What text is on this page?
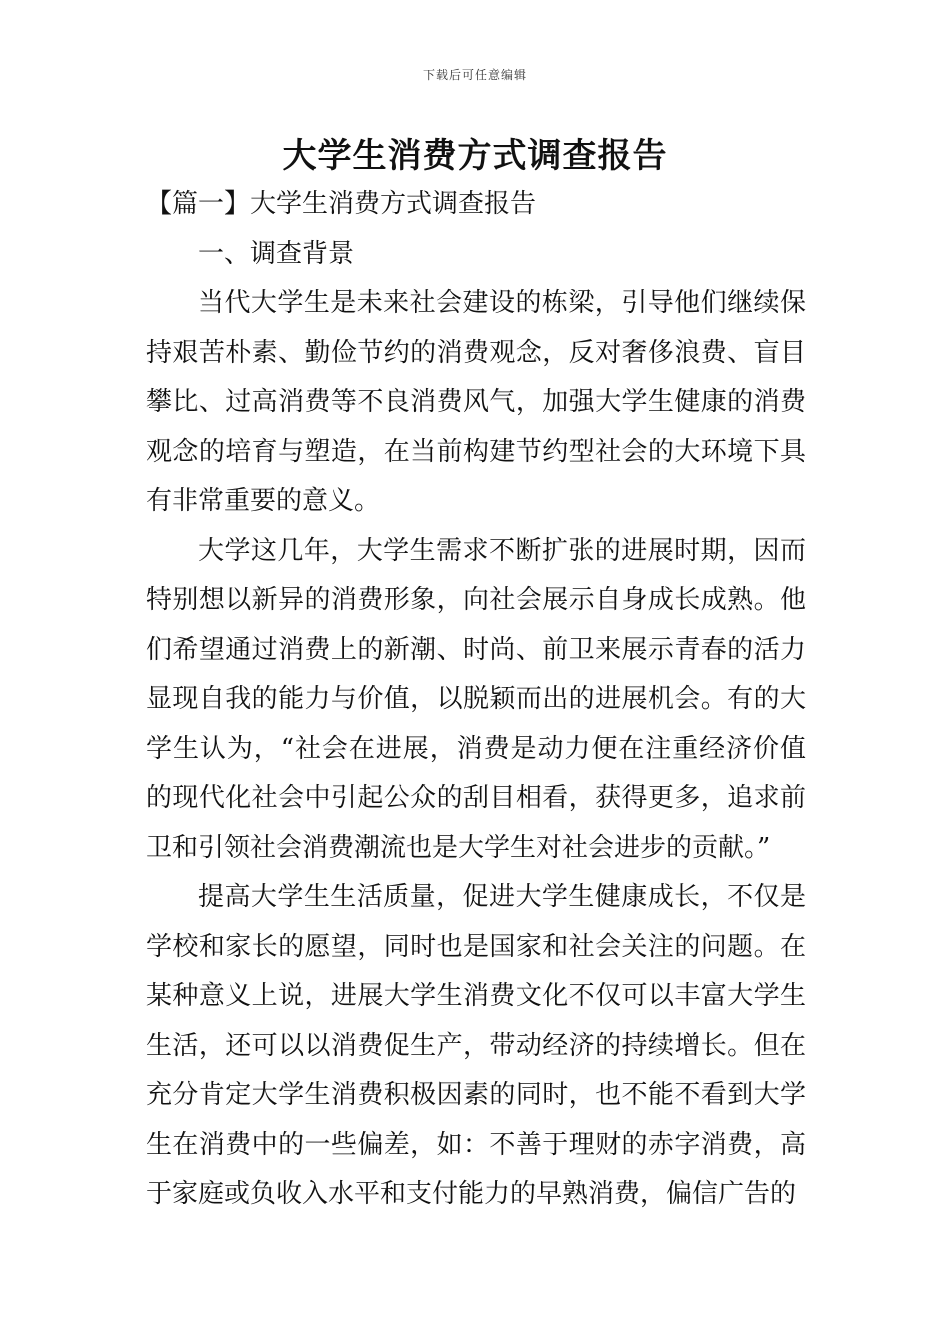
下载后可任意编辑
大学生消费方式调查报告

【篇一】大学生消费方式调查报告

一、调查背景

当代大学生是未来社会建设的栋梁，引导他们继续保持艰苦朴素、勤俭节约的消费观念，反对奢侈浪费、盲目攀比、过高消费等不良消费风气，加强大学生健康的消费观念的培育与塑造，在当前构建节约型社会的大环境下具有非常重要的意义。

大学这几年，大学生需求不断扩张的进展时期，因而特别想以新异的消费形象，向社会展示自身成长成熟。他们希望通过消费上的新潮、时尚、前卫来展示青春的活力显现自我的能力与价值，以脱颖而出的进展机会。有的大学生认为，“社会在进展，消费是动力便在注重经济价值的现代化社会中引起公众的刮目相看，获得更多，追求前卫和引领社会消费潮流也是大学生对社会进步的贡献。”

提高大学生生活质量，促进大学生健康成长，不仅是学校和家长的愿望，同时也是国家和社会关注的问题。在某种意义上说，进展大学生消费文化不仅可以丰富大学生生活，还可以以消费促生产，带动经济的持续增长。但在充分肯定大学生消费积极因素的同时，也不能不看到大学生在消费中的一些偏差，如：不善于理财的赤字消费，高于家庭或负收入水平和支付能力的早熟消费，偏信广告的
